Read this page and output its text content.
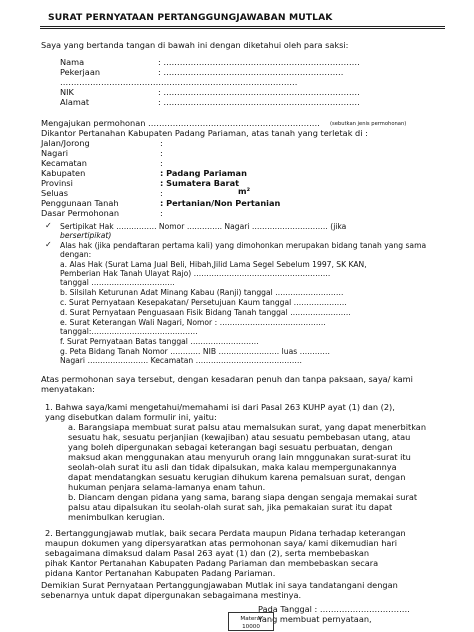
SURAT PERNYATAAN PERTANGGUNGJAWABAN MUTLAK
Saya yang bertanda tangan di bawah ini dengan diketahui oleh para saksi:
Nama	: ………………………………………………………………
Pekerjaan	: …………………………………………………………
……………………………………………………………………………
NIK	: ………………………………………………………………
Alamat	: ………………………………………………………………
Mengajukan permohonan ……………………………………………………… (sebutkan jenis permohonan)
Dikantor Pertanahan Kabupaten Padang Pariaman, atas tanah yang terletak di :
Jalan/Jorong	:
Nagari	:
Kecamatan	:
Kabupaten	: Padang Pariaman
Provinsi	: Sumatera Barat
Seluas	:	m²
Penggunaan Tanah	: Pertanian/Non Pertanian
Dasar Permohonan	:
✓ Sertipikat Hak ……………. Nomor ………….. Nagari ………………………… (jika
bersertipikat)
✓ Alas hak (jika pendaftaran pertama kali) yang dimohonkan merupakan bidang tanah yang sama
dengan:
a. Alas Hak (Surat Lama Jual Beli, Hibah,Jilid Lama Segel Sebelum 1997, SK KAN,
Pemberian Hak Tanah Ulayat Rajo) ………………………………………………
tanggal ……………………………
b. Silsilah Keturunan Adat Minang Kabau (Ranji) tanggal ………………………
c. Surat Pernyataan Kesepakatan/ Persetujuan Kaum tanggal …………………
d. Surat Pernyataan Penguasaan Fisik Bidang Tanah tanggal ……………………
e. Surat Keterangan Wali Nagari, Nomor : ……………………………………
tanggal:……………………………………
f. Surat Pernyataan Batas tanggal ………………………
g. Peta Bidang Tanah Nomor ………… NIB …………………… luas …………
Nagari …………………… Kecamatan ……………………………………
Atas permohonan saya tersebut, dengan kesadaran penuh dan tanpa paksaan, saya/ kami
menyatakan:
1. Bahwa saya/kami mengetahui/memahami isi dari Pasal 263 KUHP ayat (1) dan (2),
yang disebutkan dalam formulir ini, yaitu:
a. Barangsiapa membuat surat palsu atau memalsukan surat, yang dapat menerbitkan
sesuatu hak, sesuatu perjanjian (kewajiban) atau sesuatu pembebasan utang, atau
yang boleh dipergunakan sebagai keterangan bagi sesuatu perbuatan, dengan
maksud akan menggunakan atau menyuruh orang lain mnggunakan surat-surat itu
seolah-olah surat itu asli dan tidak dipalsukan, maka kalau mempergunakannya
dapat mendatangkan sesuatu kerugian dihukum karena pemalsuan surat, dengan
hukuman penjara selama-lamanya enam tahun.
b. Diancam dengan pidana yang sama, barang siapa dengan sengaja memakai surat
palsu atau dipalsukan itu seolah-olah surat sah, jika pemakaian surat itu dapat
menimbulkan kerugian.
2. Bertanggungjawab mutlak, baik secara Perdata maupun Pidana terhadap keterangan
maupun dokumen yang dipersyaratkan atas permohonan saya/ kami dikemudian hari
sebagaimana dimaksud dalam Pasal 263 ayat (1) dan (2), serta membebaskan
pihak Kantor Pertanahan Kabupaten Padang Pariaman dan membebaskan secara
pidana Kantor Pertanahan Kabupaten Padang Pariaman.
Demikian Surat Pernyataan Pertanggungjawaban Mutlak ini saya tandatangani dengan
sebenarnya untuk dapat dipergunakan sebagaimana mestinya.
Pada Tanggal : ……………………………
Yang membuat pernyataan,
Materai
10000
